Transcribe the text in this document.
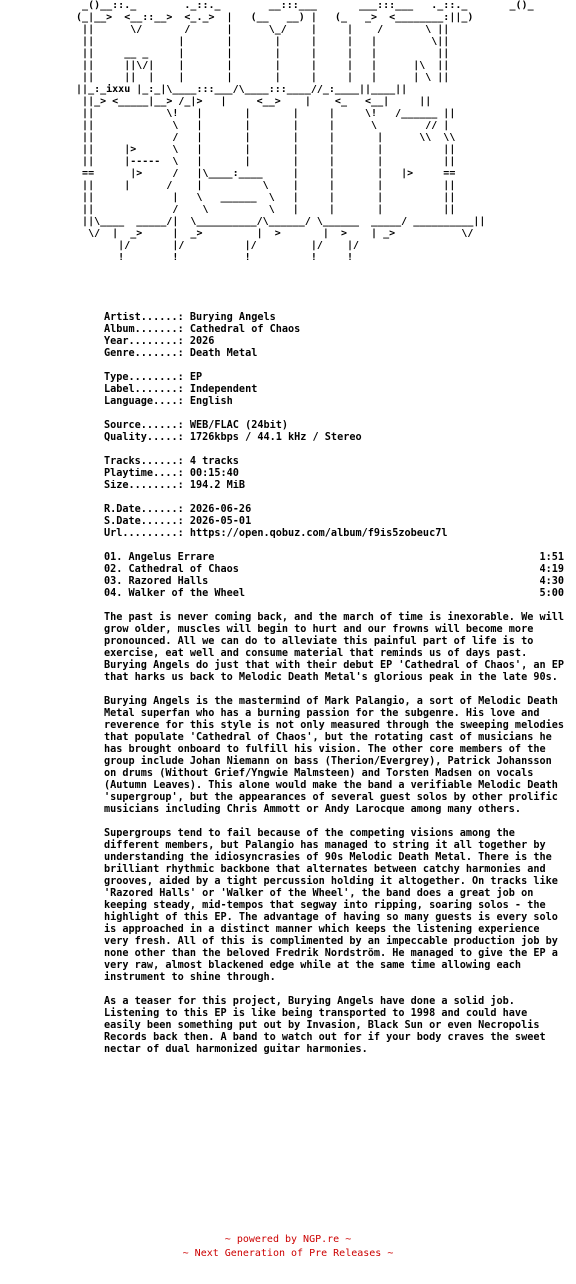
_()__::._        ._::._        __:::___       ___:::___   ._::._       _()_
(_|__>  <__::__>  <_._>  |   (__   __) |   (_   _>  <________:||_)
||      \/       /      |      \_/    |     |    /       \ ||
||              |       |       |     |     |   |         \||
||     __ _     |       |       |     |     |   |          ||
||     ||\/|    |       |       |     |     |   |      |\  ||
||     ||  |    |       |       |     |     |   |      | \ ||
||_:_ixxu |_:_|\____:::___/\____:::____//_:____||____||
||_> <_____|__> /_|>   |     <__>    |    <_   <__|     ||
||            \!   |       |       |     |     \!   /______ ||
||             \   |       |       |     |      \        // |
||             /   |       |       |     |       |      \\  \\
||     |>      \   |       |       |     |       |          ||
||     |-----  \   |       |       |     |       |          ||
==      |>     /   |\____:____     |     |       |   |>     ==
||     |      /    |          \    |     |       |          ||
||             |   \   ______  \   |     |       |          ||
||             /    \          \   |     |       |          ||
||\____  _____/|  \__________/\______/ \______  _____/ __________||
\/  |  _>     |  _>         |  >       |  >    | _>           \/
|/       |/          |/         |/    |/
!        !           !          !     !
Artist......: Burying Angels
Album.......: Cathedral of Chaos
Year........: 2026
Genre.......: Death Metal
Type........: EP
Label.......: Independent
Language....: English
Source......: WEB/FLAC (24bit)
Quality.....: 1726kbps / 44.1 kHz / Stereo
Tracks......: 4 tracks
Playtime....: 00:15:40
Size........: 194.2 MiB
R.Date......: 2026-06-26
S.Date......: 2026-05-01
Url.........: https://open.qobuz.com/album/f9is5zobeuc7l
01. Angelus Errare	1:51
02. Cathedral of Chaos	4:19
03. Razored Halls	4:30
04. Walker of the Wheel	5:00

The past is never coming back, and the march of time is inexorable. We will grow older, muscles will begin to hurt and our frowns will become more pronounced. All we can do to alleviate this painful part of life is to exercise, eat well and consume material that reminds us of days past. Burying Angels do just that with their debut EP 'Cathedral of Chaos', an EP that harks us back to Melodic Death Metal's glorious peak in the late 90s.

Burying Angels is the mastermind of Mark Palangio, a sort of Melodic Death Metal superfan who has a burning passion for the subgenre. His love and reverence for this style is not only measured through the sweeping melodies that populate 'Cathedral of Chaos', but the rotating cast of musicians he has brought onboard to fulfill his vision. The other core members of the group include Johan Niemann on bass (Therion/Evergrey), Patrick Johansson on drums (Without Grief/Yngwie Malmsteen) and Torsten Madsen on vocals (Autumn Leaves). This alone would make the band a verifiable Melodic Death 'supergroup', but the appearances of several guest solos by other prolific musicians including Chris Ammott or Andy Larocque among many others.

Supergroups tend to fail because of the competing visions among the different members, but Palangio has managed to string it all together by understanding the idiosyncrasies of 90s Melodic Death Metal. There is the brilliant rhythmic backbone that alternates between catchy harmonies and grooves, aided by a tight percussion holding it altogether. On tracks like 'Razored Halls' or 'Walker of the Wheel', the band does a great job on keeping steady, mid-tempos that segway into ripping, soaring solos - the highlight of this EP. The advantage of having so many guests is every solo is approached in a distinct manner which keeps the listening experience very fresh. All of this is complimented by an impeccable production job by none other than the beloved Fredrik Nordström. He managed to give the EP a very raw, almost blackened edge while at the same time allowing each instrument to shine through.

As a teaser for this project, Burying Angels have done a solid job. Listening to this EP is like being transported to 1998 and could have easily been something put out by Invasion, Black Sun or even Necropolis Records back then. A band to watch out for if your body craves the sweet nectar of dual harmonized guitar harmonies.

~ powered by NGP.re ~
~ Next Generation of Pre Releases ~
